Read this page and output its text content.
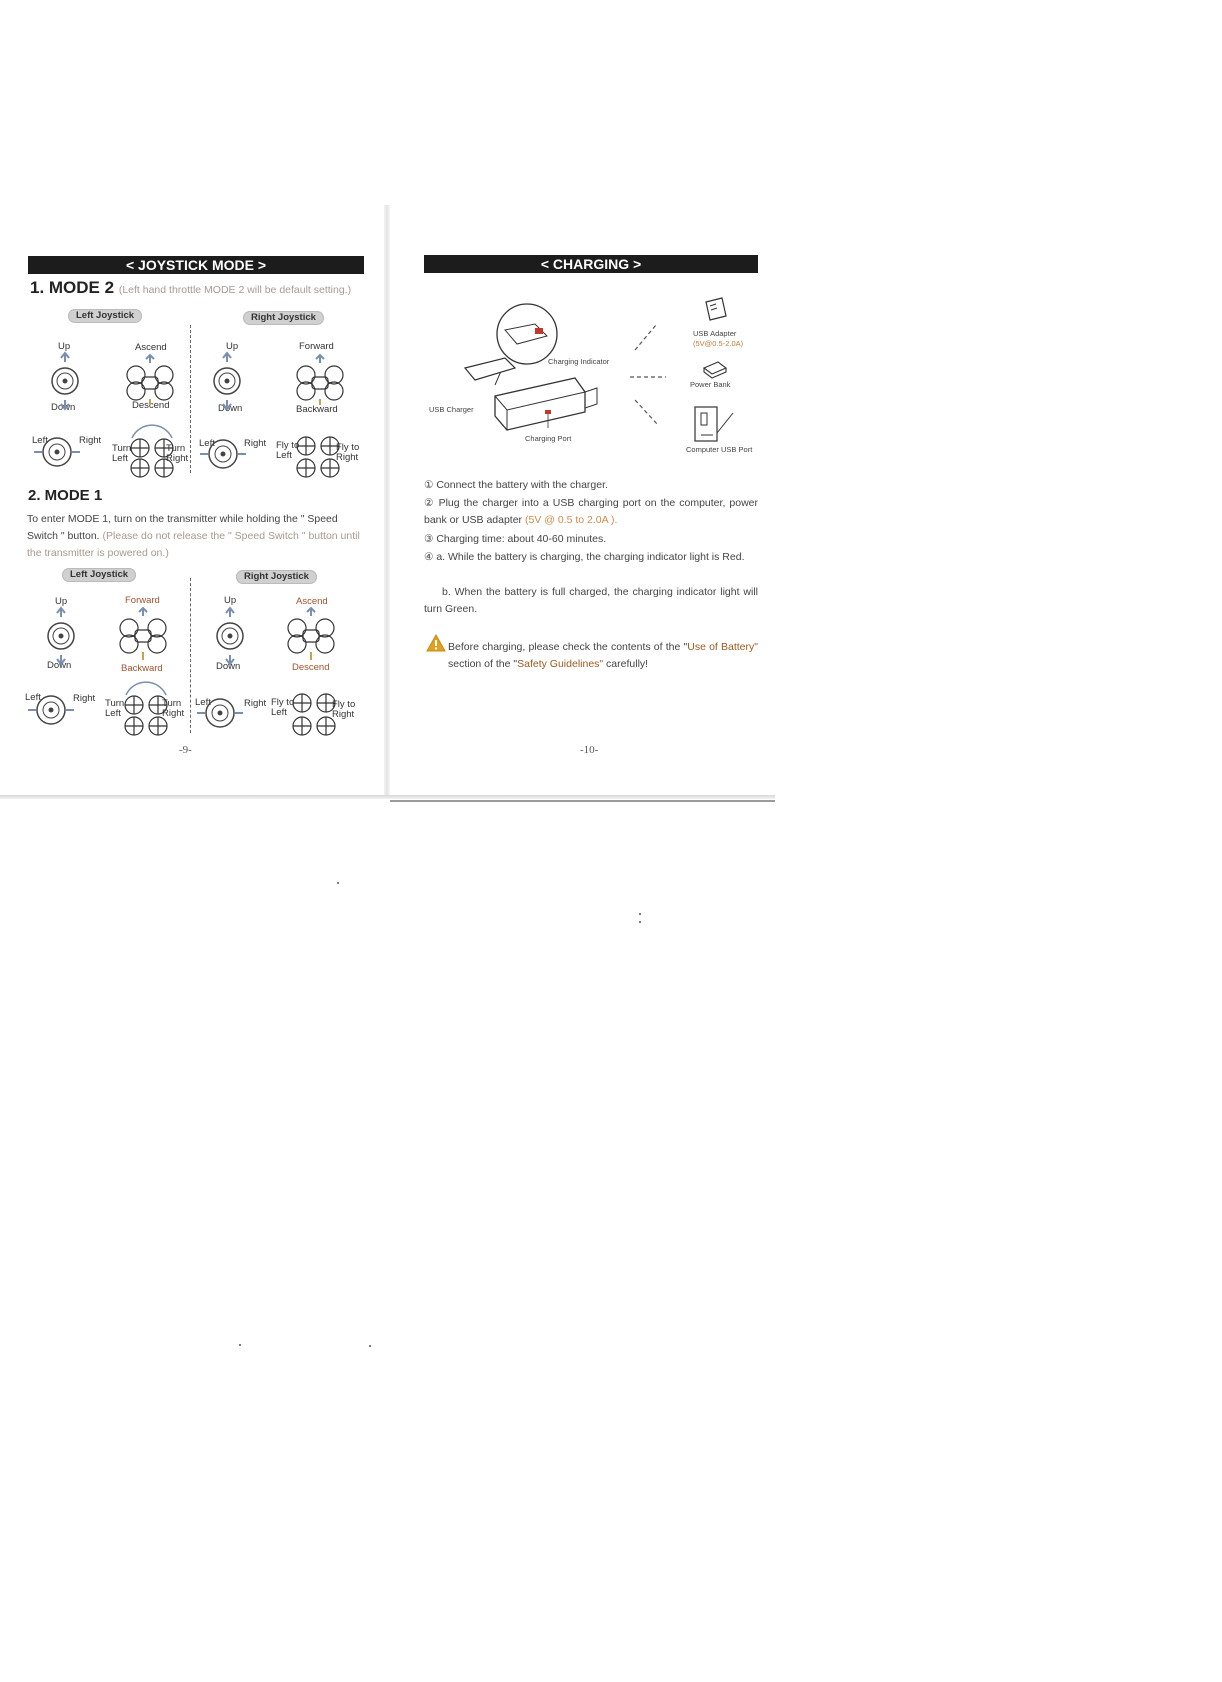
< JOYSTICK MODE >
1. MODE 2 (Left hand throttle MODE 2 will be default setting.)
Left Joystick	Right Joystick
Up
Down
Ascend
Descend
Up
Down
Forward
Backward
Left	Right
Turn Left
Turn Right
Left	Right Fly to Left
Fly to Right
2. MODE 1
To enter MODE 1, turn on the transmitter while holding the " Speed Switch " button. (Please do not release the " Speed Switch " button until the transmitter is powered on.)
Left Joystick	Right Joystick
Up
Down
Forward
Backward
Up
Down
Ascend
Descend
Left	Right Turn Left
Turn Right
Left	Right Fly to Left
Fly to Right
-9-
< CHARGING >
Charging Indicator
USB Charger
Charging Port
USB Adapter
(5V@0.5-2.0A)
Power Bank
Computer USB Port
① Connect the battery with the charger.
② Plug the charger into a USB charging port on the computer, power bank or USB adapter (5V @ 0.5 to 2.0A ).
③ Charging time: about 40-60 minutes.
④ a. While the battery is charging, the charging indicator light is Red.
b. When the battery is full charged, the charging indicator light will turn Green.
Before charging, please check the contents of the "Use of Battery" section of the "Safety Guidelines" carefully!
-10-
